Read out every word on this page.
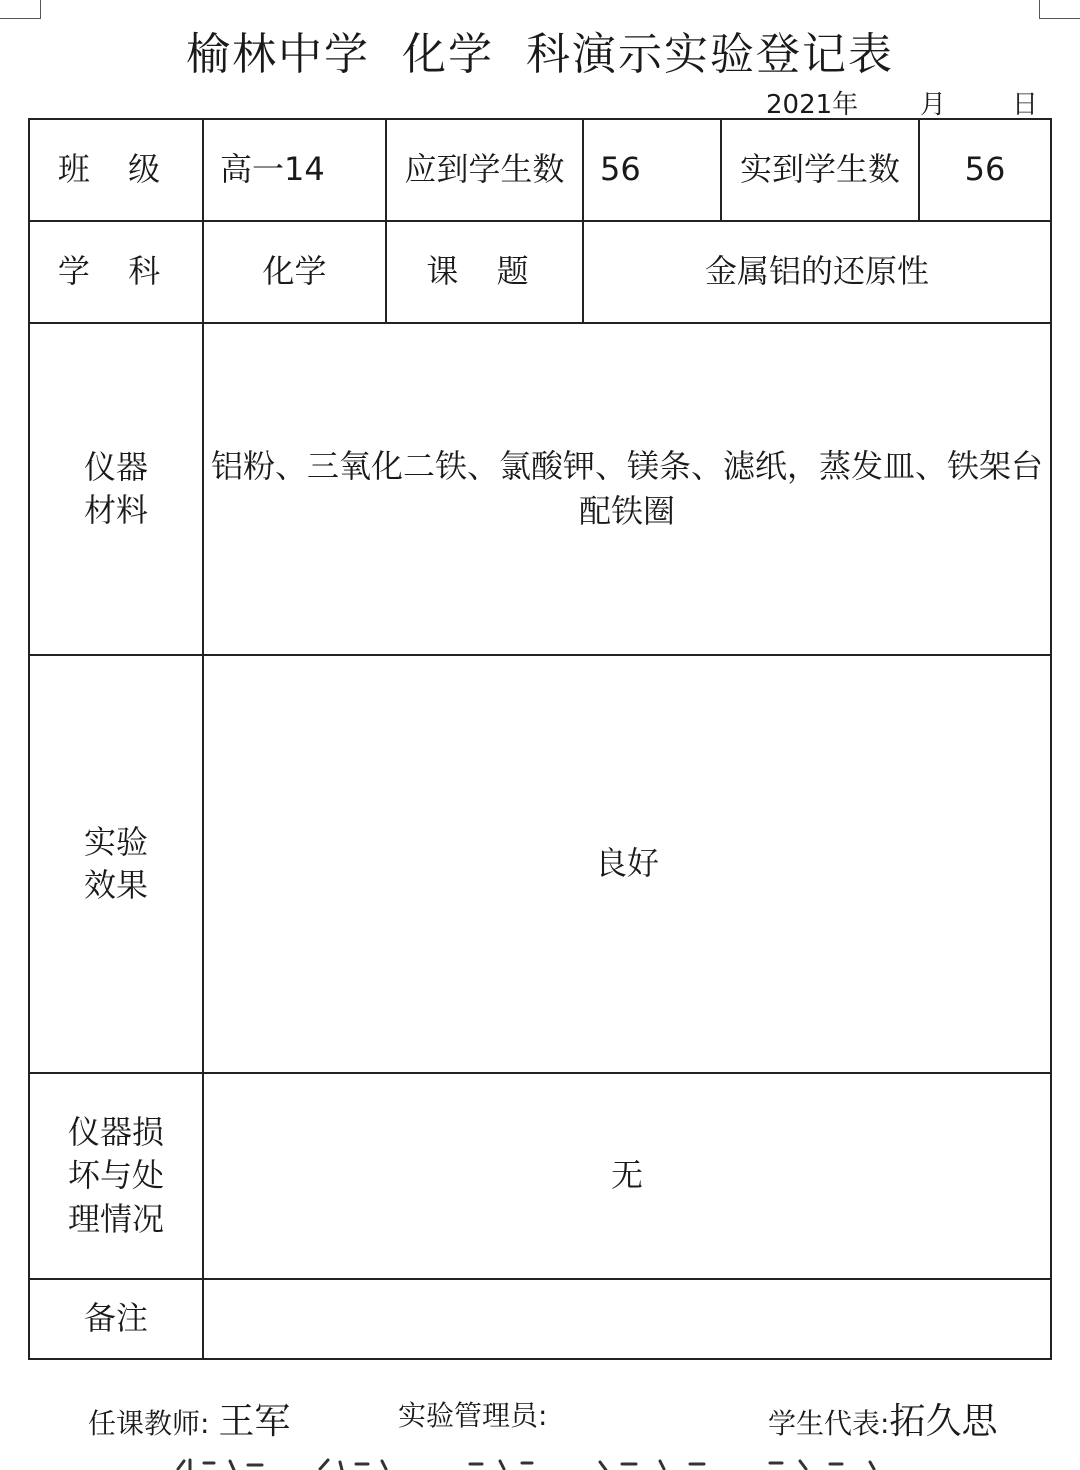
榆林中学  化学  科演示实验登记表
2021年 月	日
班 级	高一14	应到学生数	56	实到学生数	56
学 科	化学	课 题	金属铝的还原性		
仪器
材料	铝粉、三氧化二铁、氯酸钾、镁条、滤纸，蒸发皿、铁架台配铁圈				

实验
效果	良好				
仪器损
坏与处
理情况	无				
备注					
任课教师: 王军	实验管理员:	学生代表:拓久思
